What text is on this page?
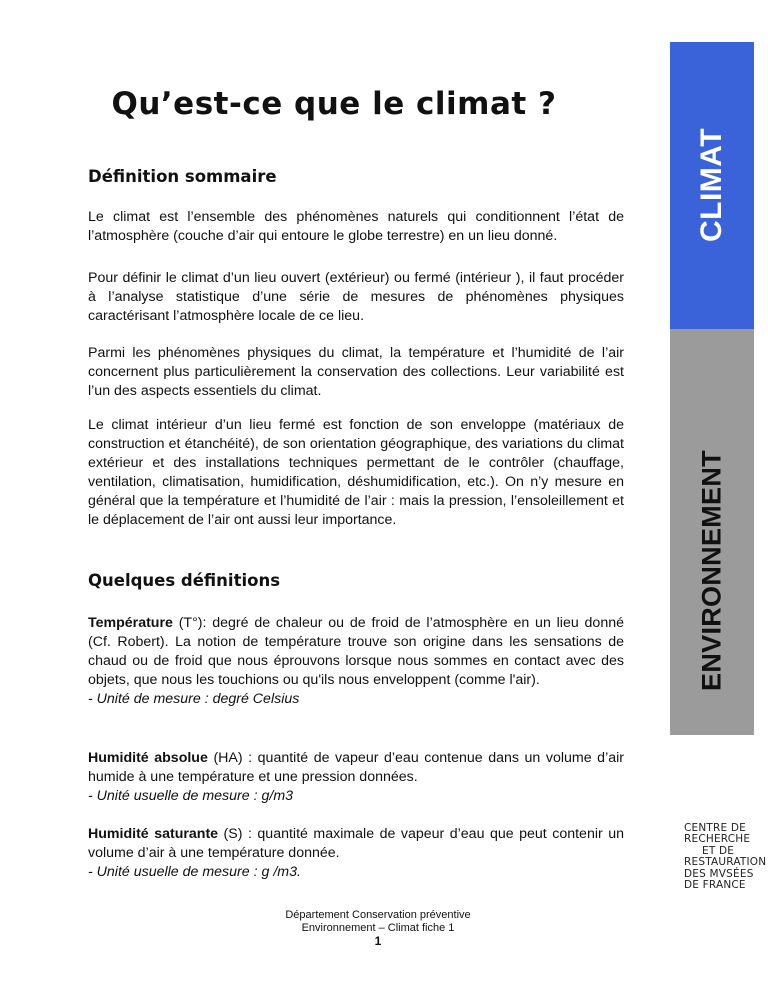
CLIMAT
ENVIRONNEMENT
Qu’est-ce que le climat ?
Définition sommaire
Le climat est l’ensemble des phénomènes naturels qui conditionnent l’état de l’atmosphère (couche d’air qui entoure le globe terrestre) en un lieu donné.
Pour définir le climat d’un lieu ouvert (extérieur) ou fermé (intérieur ), il faut procéder à l’analyse statistique d’une série de mesures de phénomènes physiques caractérisant l’atmosphère locale de ce lieu.
Parmi les phénomènes physiques du climat, la température et l’humidité de l’air concernent plus particulièrement la conservation des collections. Leur variabilité est l’un des aspects essentiels du climat.
Le climat intérieur d’un lieu fermé est fonction de son enveloppe (matériaux de construction et étanchéité), de son orientation géographique, des variations du climat extérieur et des installations techniques permettant de le contrôler (chauffage, ventilation, climatisation, humidification, déshumidification, etc.). On n’y mesure en général que la température et l’humidité de l’air : mais la pression, l’ensoleillement et le déplacement de l’air ont aussi leur importance.
Quelques définitions
Température (T°): degré de chaleur ou de froid de l’atmosphère en un lieu donné (Cf. Robert). La notion de température trouve son origine dans les sensations de chaud ou de froid que nous éprouvons lorsque nous sommes en contact avec des objets, que nous les touchions ou qu'ils nous enveloppent (comme l'air).
- Unité de mesure : degré Celsius
Humidité absolue (HA) : quantité de vapeur d’eau contenue dans un volume d’air humide à une température et une pression données.
- Unité usuelle de mesure : g/m3
Humidité saturante (S) : quantité maximale de vapeur d’eau que peut contenir un volume d’air à une température donnée.
- Unité usuelle de mesure : g /m3.
CENTRE DE
RECHERCHE
ET DE
RESTAURATION
DES MVSÉES
DE FRANCE
Département Conservation préventive
Environnement – Climat fiche 1
1
